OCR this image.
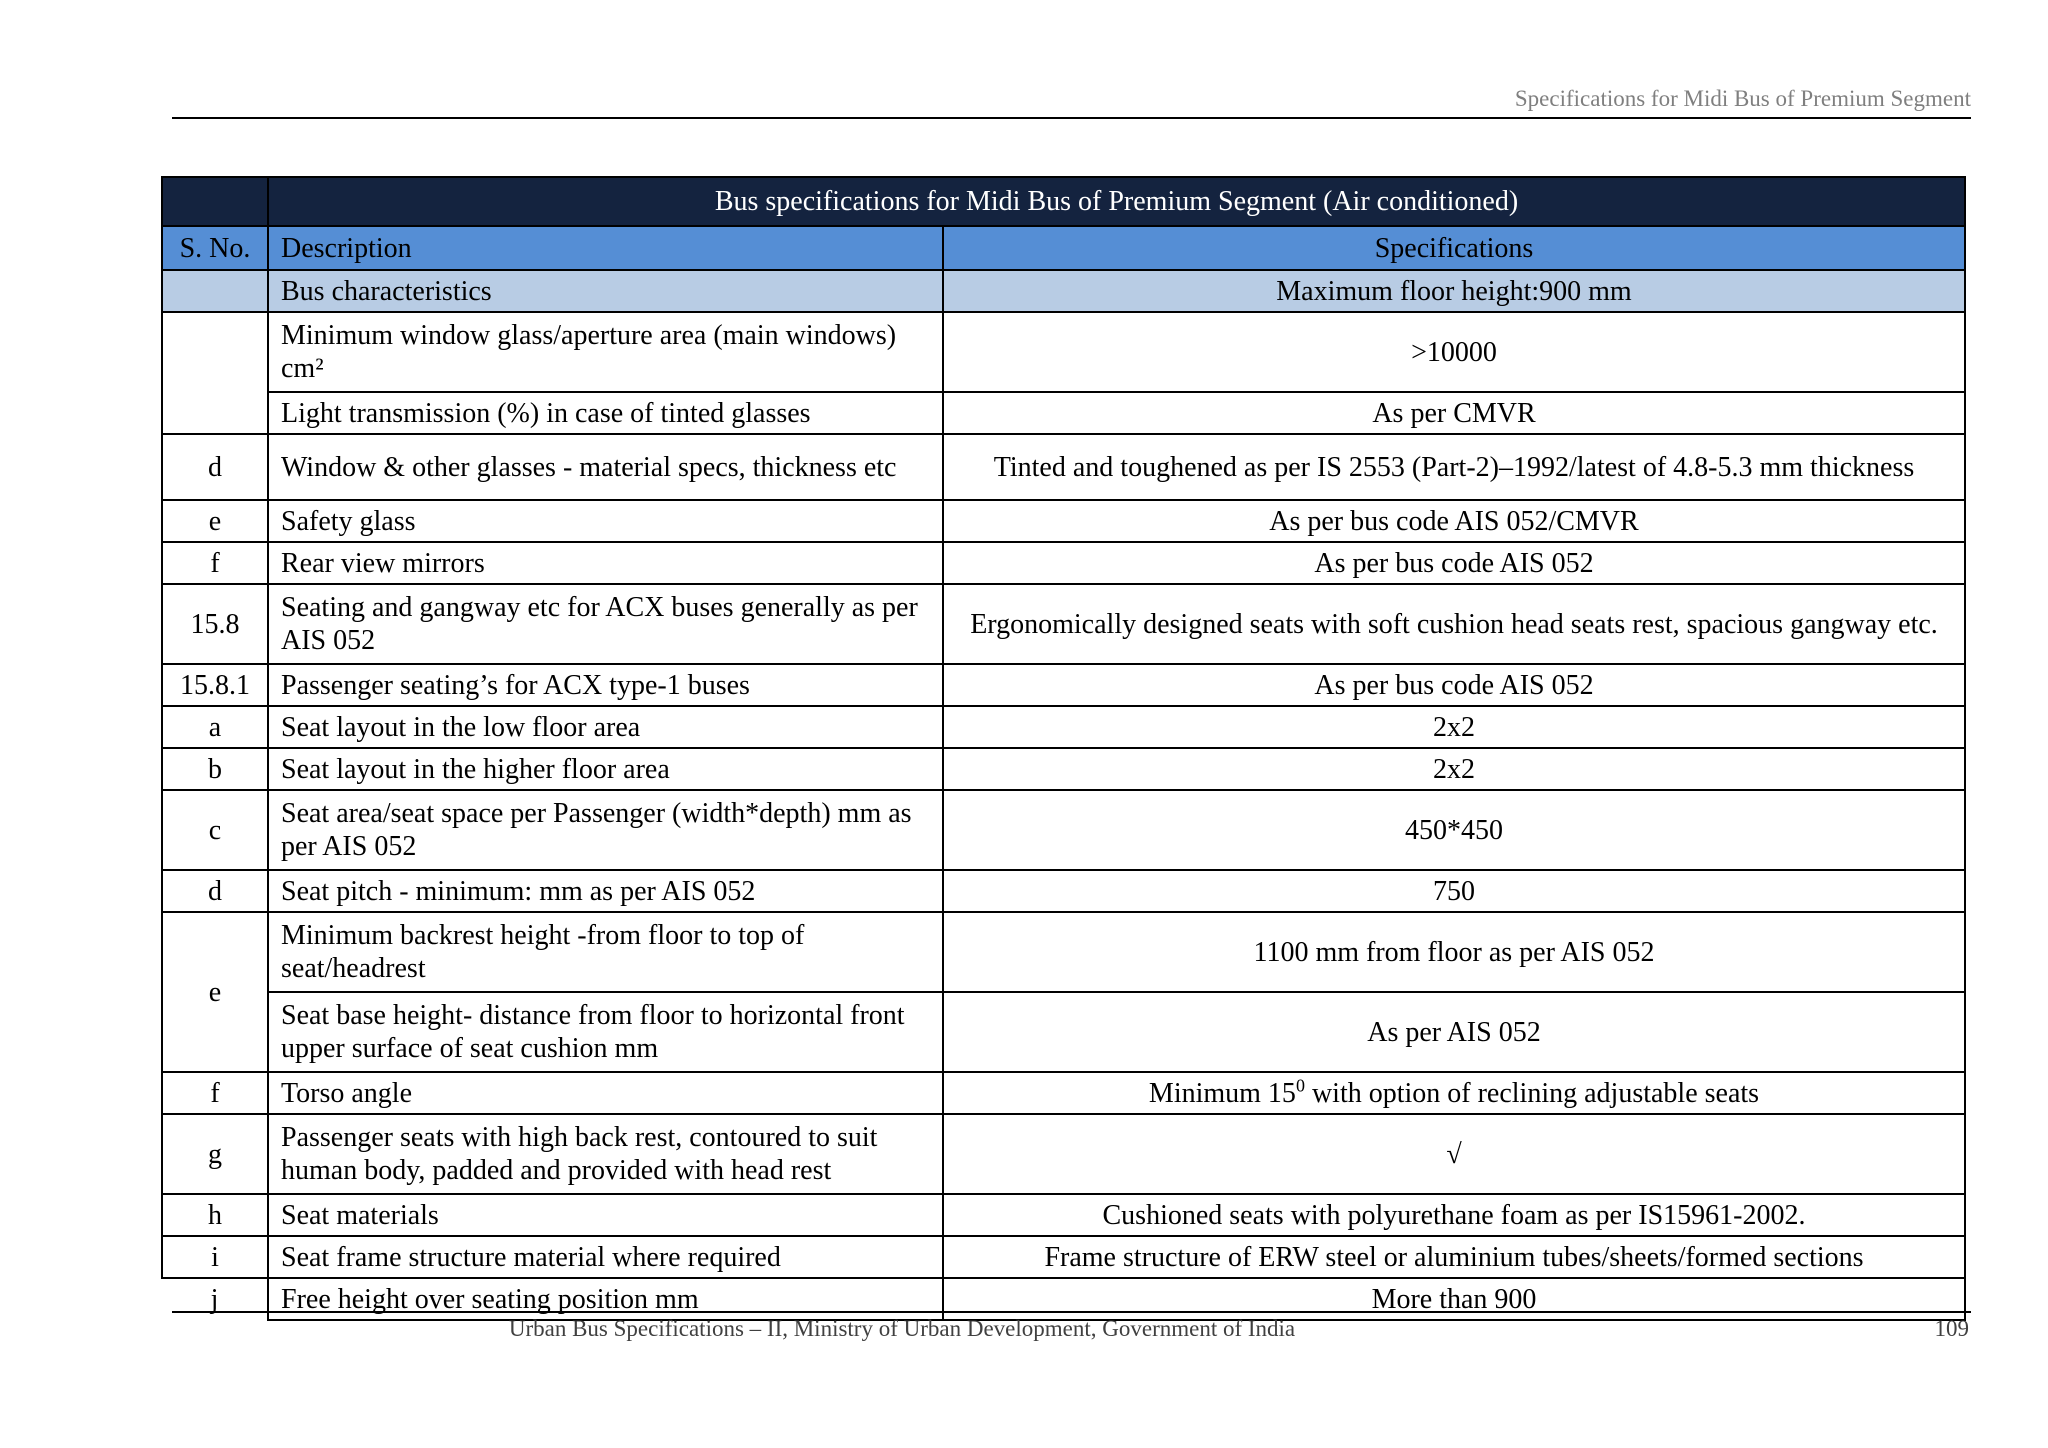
Specifications for Midi Bus of Premium Segment
	Bus specifications for Midi Bus of Premium Segment (Air conditioned)	
S. No.	Description	Specifications
	Bus characteristics	Maximum floor height:900 mm
	Minimum window glass/aperture area (main windows) cm²	>10000
	Light transmission (%) in case of tinted glasses	As per CMVR
d	Window & other glasses - material specs, thickness etc	Tinted and toughened as per IS 2553 (Part-2)–1992/latest of 4.8-5.3 mm thickness
e	Safety glass	As per bus code AIS 052/CMVR
f	Rear view mirrors	As per bus code AIS 052
15.8	Seating and gangway etc for ACX buses generally as per AIS 052	Ergonomically designed seats with soft cushion head seats rest, spacious gangway etc.
15.8.1	Passenger seating’s for ACX type-1 buses	As per bus code AIS 052
a	Seat layout in the low floor area	2x2
b	Seat layout in the higher floor area	2x2
c	Seat area/seat space per Passenger (width*depth) mm as per AIS 052	450*450
d	Seat pitch - minimum: mm as per AIS 052	750
e	Minimum backrest height -from floor to top of seat/headrest	1100 mm from floor as per AIS 052
	Seat base height- distance from floor to horizontal front upper surface of seat cushion mm	As per AIS 052
f	Torso angle	Minimum $15^0$ with option of reclining adjustable seats
g	Passenger seats with high back rest, contoured to suit human body, padded and provided with head rest	√
h	Seat materials	Cushioned seats with polyurethane foam as per IS15961-2002.
i	Seat frame structure material where required	Frame structure of ERW steel or aluminium tubes/sheets/formed sections
j	Free height over seating position mm	More than 900
Urban Bus Specifications – II, Ministry of Urban Development, Government of India	109
